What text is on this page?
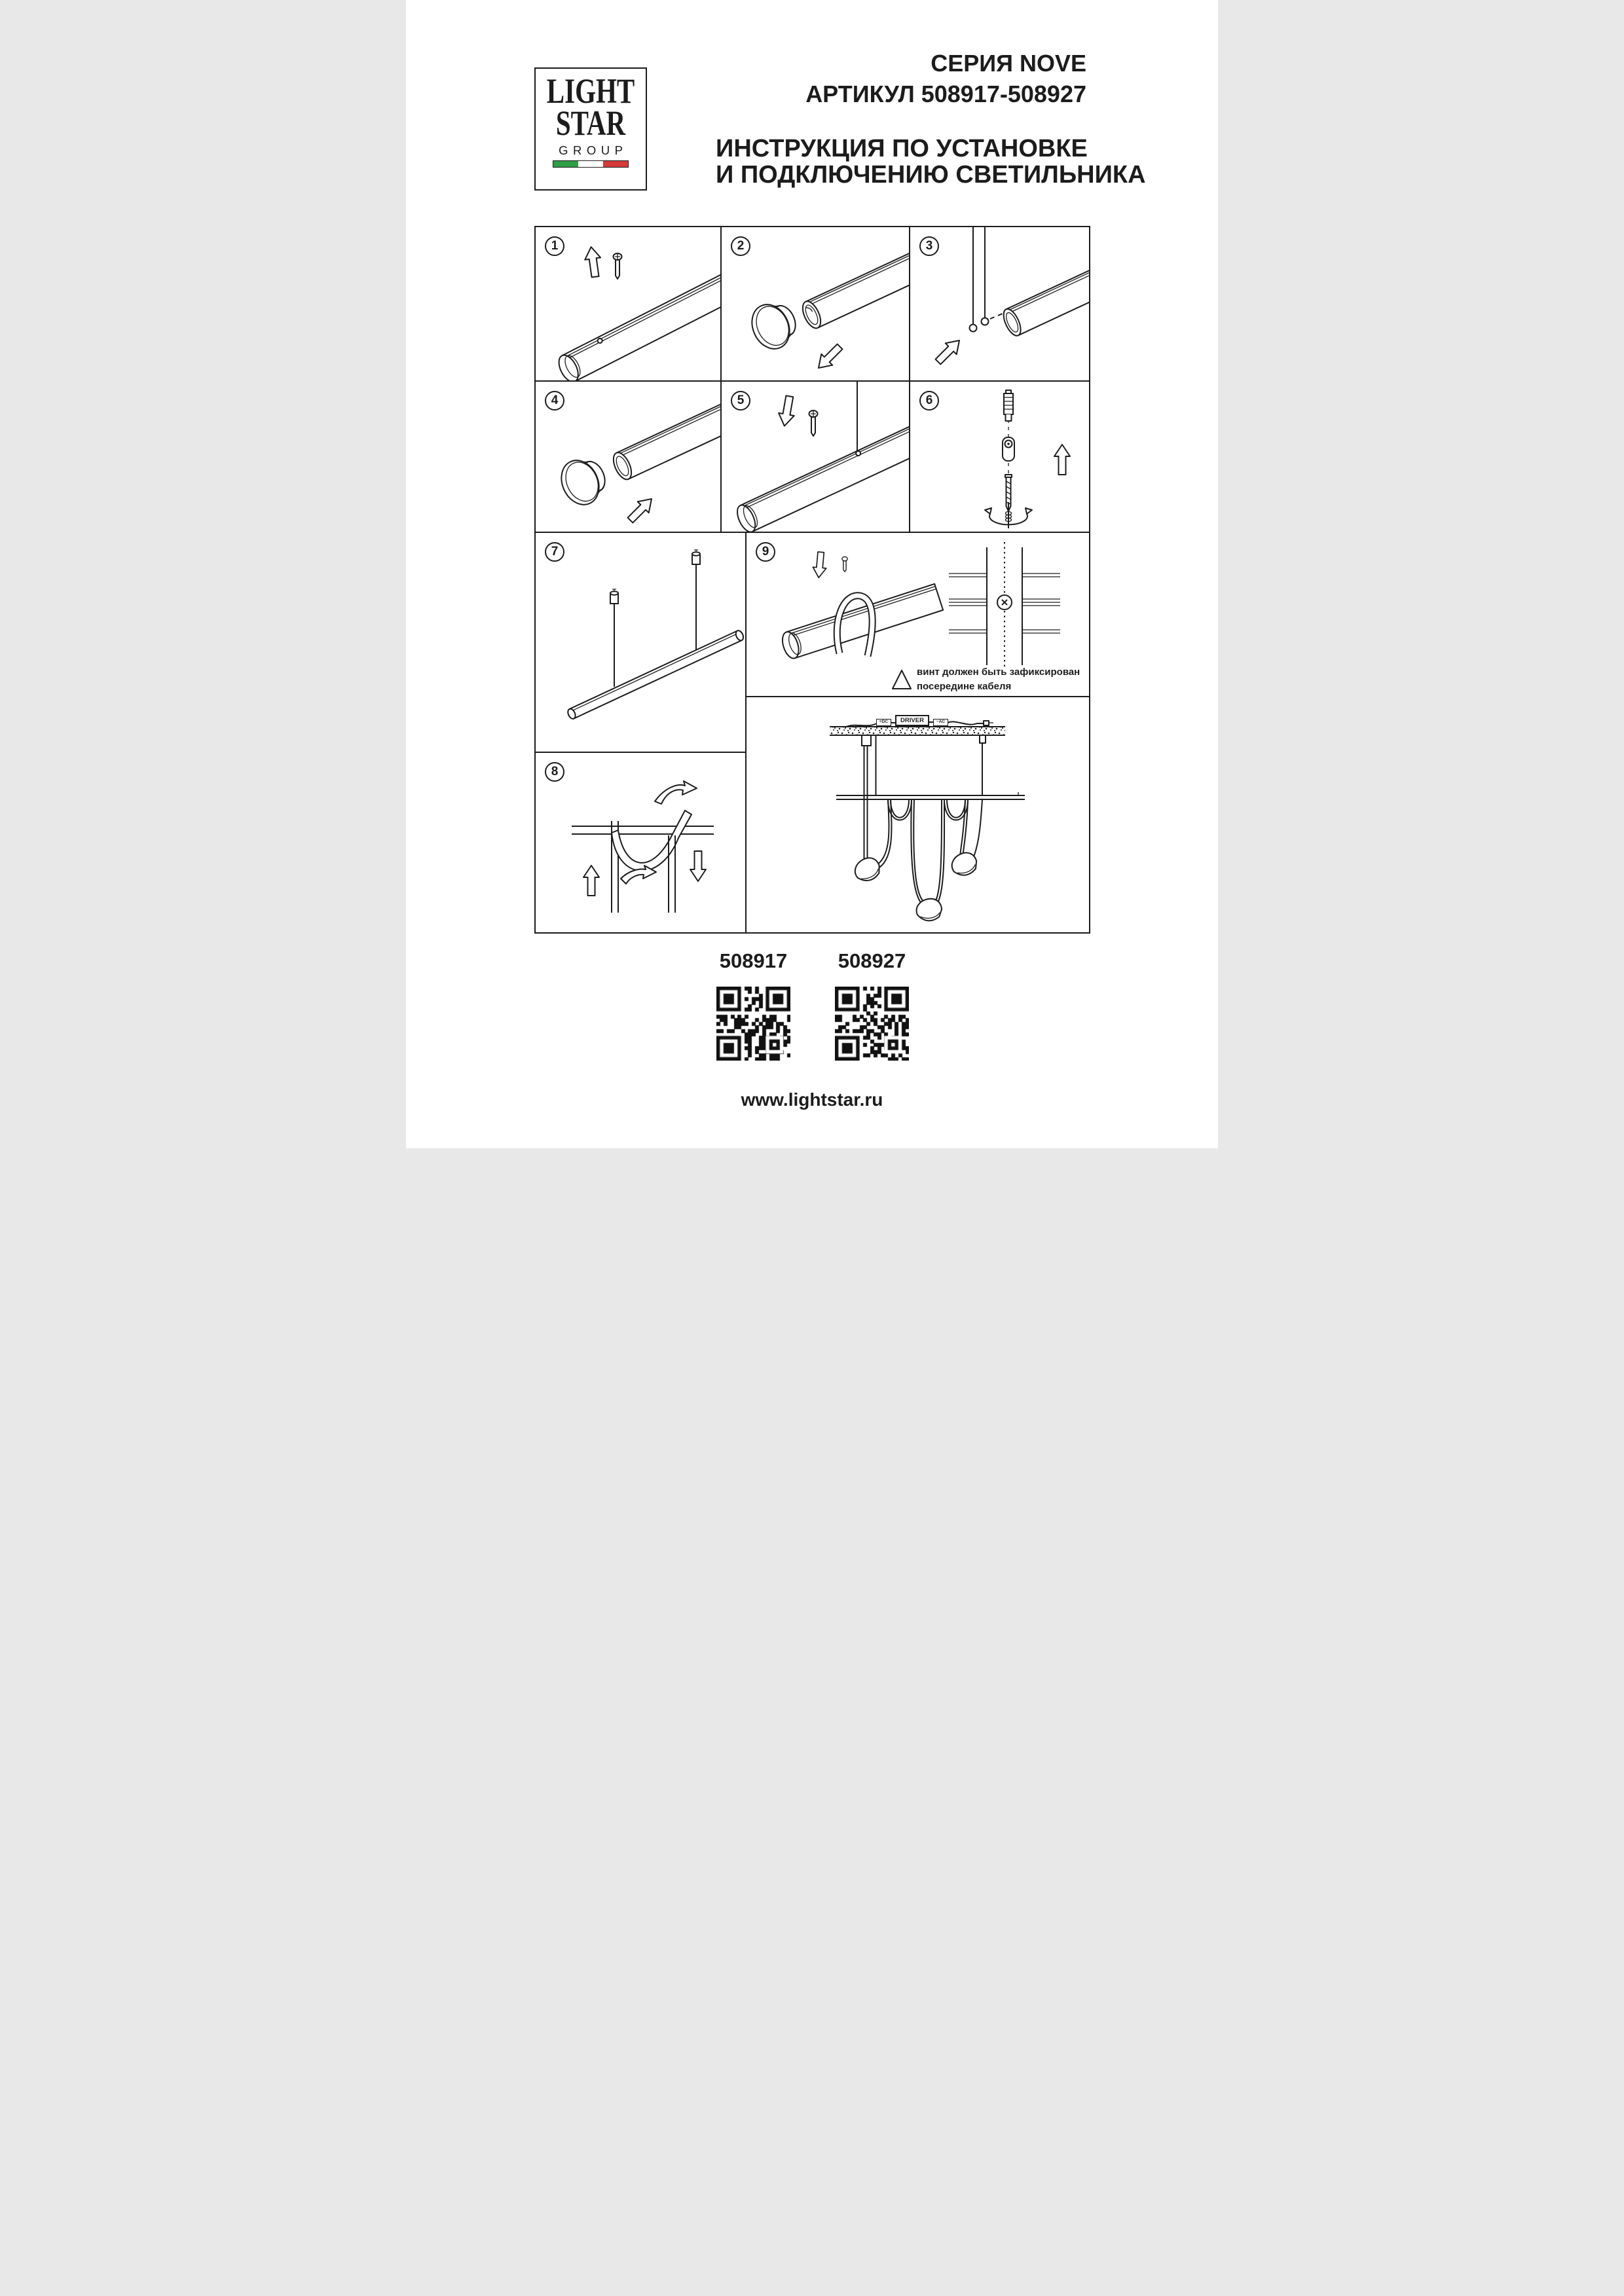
LIGHT
STAR
GROUP
СЕРИЯ NOVE
АРТИКУЛ 508917-508927
ИНСТРУКЦИЯ ПО УСТАНОВКЕ
И ПОДКЛЮЧЕНИЮ СВЕТИЛЬНИКА
1	2	3
4	5	6
7
8
9
винт должен быть зафиксирован
посередине кабеля
DRIVER
≡DC	~AC
508917	508927
www.lightstar.ru
